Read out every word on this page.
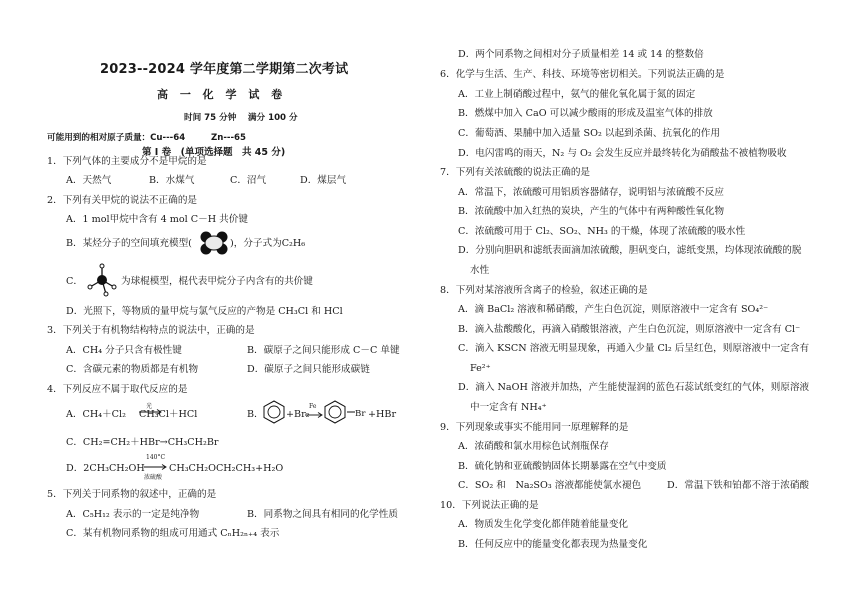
2023--2024 学年度第二学期第二次考试
高 一 化 学 试 卷
时间 75 分钟　 满分 100 分
可能用到的相对原子质量：Cu---64　　　Zn---65
第 Ⅰ 卷　(单项选择题　共 45 分)
1．下列气体的主要成分不是甲烷的是
A．天然气	B．水煤气	C．沼气	D．煤层气
2．下列有关甲烷的说法不正确的是
A．1 mol甲烷中含有 4 mol C－H 共价键
B．某烃分子的空间填充模型(	)，分子式为C₂H₆
C．	为球棍模型，棍代表甲烷分子内含有的共价键
D．光照下，等物质的量甲烷与氯气反应的产物是 CH₃Cl 和 HCl
3．下列关于有机物结构特点的说法中，正确的是
A．CH₄ 分子只含有极性键	B．碳原子之间只能形成 C－C 单键
C．含碳元素的物质都是有机物	D．碳原子之间只能形成碳链
4．下列反应不属于取代反应的是
A．CH₄＋Cl₂
光
CH₃Cl＋HCl	B． +Br₂
Fe
Br +HBr
C．CH₂=CH₂＋HBr→CH₃CH₂Br
D．2CH₃CH₂OH
140°C
浓硫酸
CH₃CH₂OCH₂CH₃+H₂O
5．下列关于同系物的叙述中，正确的是
A．C₅H₁₂ 表示的一定是纯净物	B．同系物之间具有相同的化学性质
C．某有机物同系物的组成可用通式 CₙH₂ₙ₊₄ 表示
D．两个同系物之间相对分子质量相差 14 或 14 的整数倍
6．化学与生活、生产、科技、环境等密切相关。下列说法正确的是
A．工业上制硝酸过程中，氨气的催化氧化属于氮的固定
B．燃煤中加入 CaO 可以减少酸雨的形成及温室气体的排放
C．葡萄酒、果脯中加入适量 SO₂ 以起到杀菌、抗氧化的作用
D．电闪雷鸣的雨天，N₂ 与 O₂ 会发生反应并最终转化为硝酸盐不被植物吸收
7．下列有关浓硫酸的说法正确的是
A．常温下，浓硫酸可用铝质容器储存，说明铝与浓硫酸不反应
B．浓硫酸中加入红热的炭块，产生的气体中有两种酸性氧化物
C．浓硫酸可用于 Cl₂、SO₂、NH₃ 的干燥，体现了浓硫酸的吸水性
D．分别向胆矾和滤纸表面滴加浓硫酸，胆矾变白，滤纸变黑，均体现浓硫酸的脱
水性
8．下列对某溶液所含离子的检验，叙述正确的是
A．滴 BaCl₂ 溶液和稀硝酸，产生白色沉淀，则原溶液中一定含有 SO₄²⁻
B．滴入盐酸酸化，再滴入硝酸银溶液，产生白色沉淀，则原溶液中一定含有 Cl⁻
C．滴入 KSCN 溶液无明显现象，再通入少量 Cl₂ 后呈红色，则原溶液中一定含有
Fe²⁺
D．滴入 NaOH 溶液并加热，产生能使湿润的蓝色石蕊试纸变红的气体，则原溶液
中一定含有 NH₄⁺
9．下列现象或事实不能用同一原理解释的是
A．浓硝酸和氯水用棕色试剂瓶保存
B．硫化钠和亚硫酸钠固体长期暴露在空气中变质
C．SO₂ 和　Na₂SO₃ 溶液都能使氯水褪色	D．常温下铁和铂都不溶于浓硝酸
10．下列说法正确的是
A．物质发生化学变化都伴随着能量变化
B．任何反应中的能量变化都表现为热量变化
